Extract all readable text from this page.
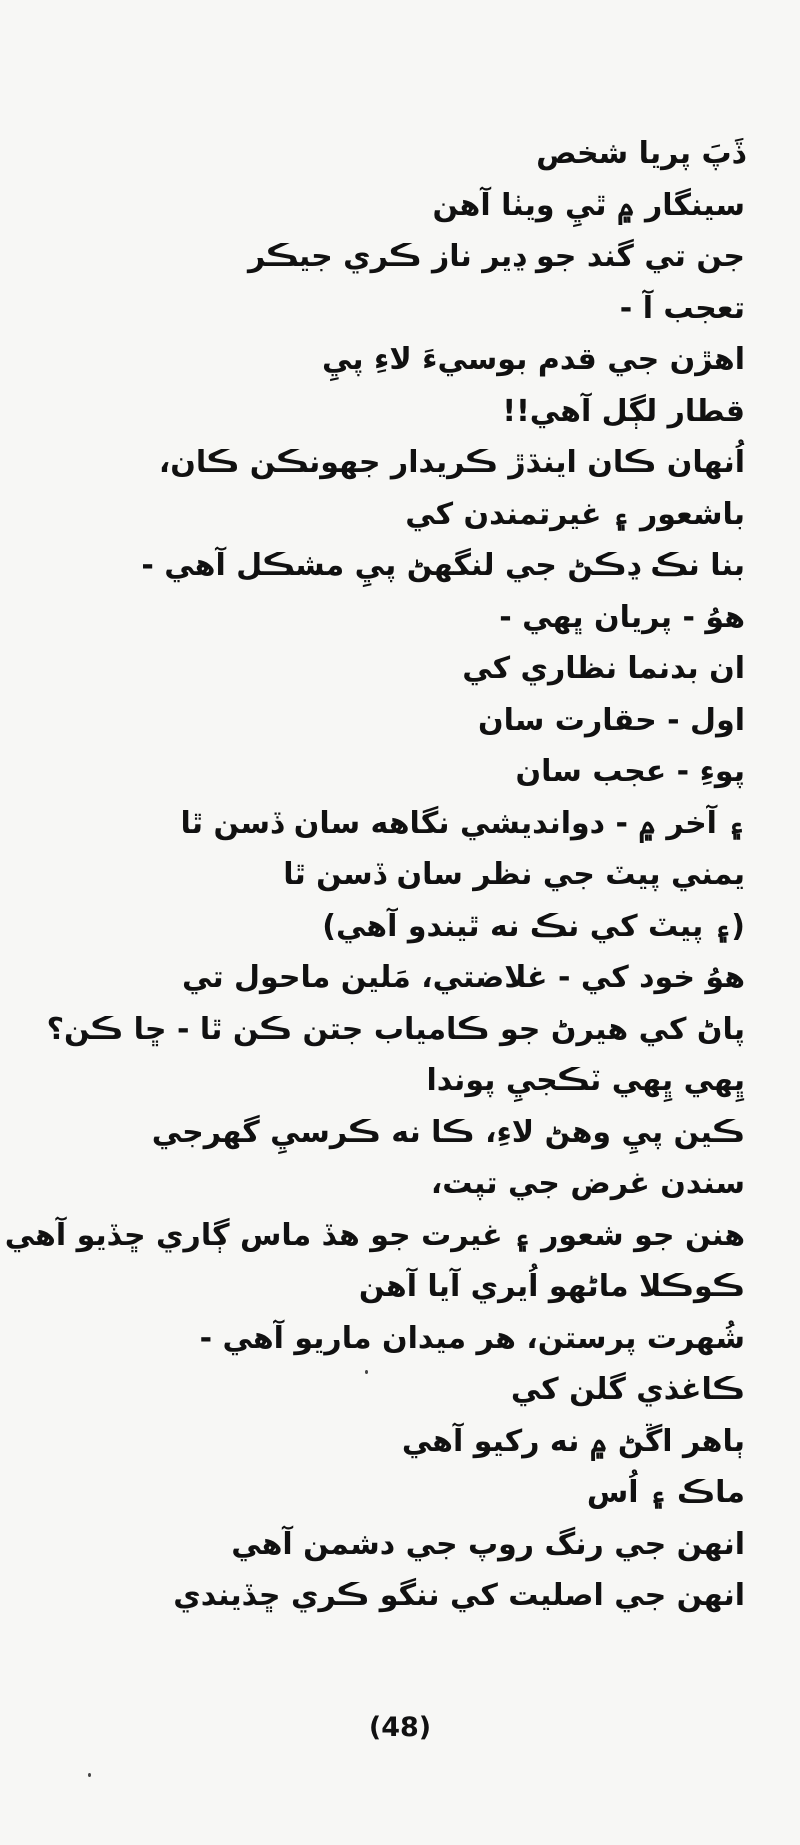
ڏَپَ پريا شخص
سينگار ۾ ٿيِ ويٺا آهن
جن تي گند جو ڍير ناز ڪري جيڪر
تعجب آ -
اهڙن جي قدم بوسيءَ لاءِ پيِ
قطار لڳل آهي!!
اُنهان ڪان اينڌڙ ڪريدار جهونڪن ڪان،
باشعور ۽ غيرتمندن کي
بنا نڪ ڍڪڻ جي لنگهڻ پيِ مشڪل آهي -
هوُ - پريان ڀهي -
ان بدنما نظاري کي
اول - حقارت سان
پوءِ - عجب سان
۽ آخر ۾ - دوانديشي نگاهه سان ڏسن ٿا
يمني پيٽ جي نظر سان ڏسن ٿا
(۽ پيٽ کي نڪ نه ٿيندو آهي)
هوُ خود کي - غلاضتي، مَلين ماحول تي
پاڻ کي هيرڻ جو ڪامياب جتن ڪن ٿا - ڇا ڪن؟
ڀِهي ڀِهي ٽڪجيِ پوندا
ڪين پيِ وهڻ لاءِ، ڪا نه ڪرسيِ گهرجي
سندن غرض جي تپت،
هنن جو شعور ۽ غيرت جو هڏ ماس ڳاري ڇڏيو آهي
ڪوڪلا ماڻهو اُيري آيا آهن
شُهرت پرستن، هر ميدان ماريو آهي -
ڪاغذي گلن کي
ٻاهر اڱڻ ۾ نه رکيو آهي
ماڪ ۽ اُس
انهن جي رنگ روپ جي دشمن آهي
انهن جي اصليت کي ننگو ڪري ڇڏيندي
(48)
